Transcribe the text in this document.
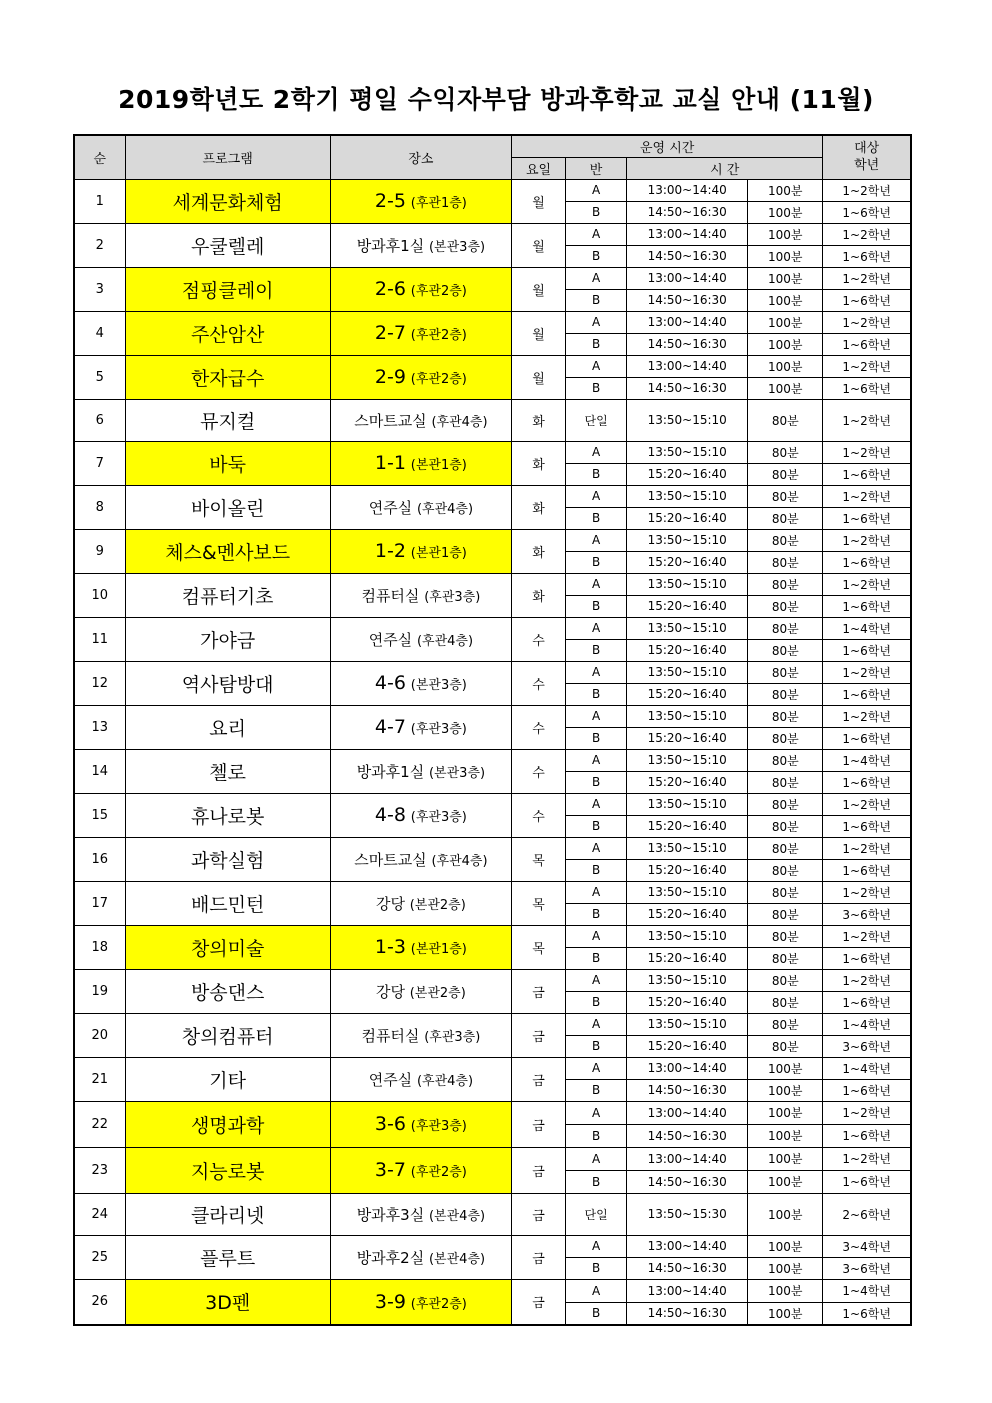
2019학년도 2학기 평일 수익자부담 방과후학교 교실 안내 (11월)
순	프로그램	장소	운영 시간				대상
학년
			요일	반	시 간		
1	세계문화체험	2-5 (후관1층)	월	A	13:00~14:40	100분	1~2학년
				B	14:50~16:30	100분	1~6학년
2	우쿨렐레	방과후1실 (본관3층)	월	A	13:00~14:40	100분	1~2학년
				B	14:50~16:30	100분	1~6학년
3	점핑클레이	2-6 (후관2층)	월	A	13:00~14:40	100분	1~2학년
				B	14:50~16:30	100분	1~6학년
4	주산암산	2-7 (후관2층)	월	A	13:00~14:40	100분	1~2학년
				B	14:50~16:30	100분	1~6학년
5	한자급수	2-9 (후관2층)	월	A	13:00~14:40	100분	1~2학년
				B	14:50~16:30	100분	1~6학년
6	뮤지컬	스마트교실 (후관4층)	화	단일	13:50~15:10	80분	1~2학년
7	바둑	1-1 (본관1층)	화	A	13:50~15:10	80분	1~2학년
				B	15:20~16:40	80분	1~6학년
8	바이올린	연주실 (후관4층)	화	A	13:50~15:10	80분	1~2학년
				B	15:20~16:40	80분	1~6학년
9	체스&멘사보드	1-2 (본관1층)	화	A	13:50~15:10	80분	1~2학년
				B	15:20~16:40	80분	1~6학년
10	컴퓨터기초	컴퓨터실 (후관3층)	화	A	13:50~15:10	80분	1~2학년
				B	15:20~16:40	80분	1~6학년
11	가야금	연주실 (후관4층)	수	A	13:50~15:10	80분	1~4학년
				B	15:20~16:40	80분	1~6학년
12	역사탐방대	4-6 (본관3층)	수	A	13:50~15:10	80분	1~2학년
				B	15:20~16:40	80분	1~6학년
13	요리	4-7 (후관3층)	수	A	13:50~15:10	80분	1~2학년
				B	15:20~16:40	80분	1~6학년
14	첼로	방과후1실 (본관3층)	수	A	13:50~15:10	80분	1~4학년
				B	15:20~16:40	80분	1~6학년
15	휴나로봇	4-8 (후관3층)	수	A	13:50~15:10	80분	1~2학년
				B	15:20~16:40	80분	1~6학년
16	과학실험	스마트교실 (후관4층)	목	A	13:50~15:10	80분	1~2학년
				B	15:20~16:40	80분	1~6학년
17	배드민턴	강당 (본관2층)	목	A	13:50~15:10	80분	1~2학년
				B	15:20~16:40	80분	3~6학년
18	창의미술	1-3 (본관1층)	목	A	13:50~15:10	80분	1~2학년
				B	15:20~16:40	80분	1~6학년
19	방송댄스	강당 (본관2층)	금	A	13:50~15:10	80분	1~2학년
				B	15:20~16:40	80분	1~6학년
20	창의컴퓨터	컴퓨터실 (후관3층)	금	A	13:50~15:10	80분	1~4학년
				B	15:20~16:40	80분	3~6학년
21	기타	연주실 (후관4층)	금	A	13:00~14:40	100분	1~4학년
				B	14:50~16:30	100분	1~6학년
22	생명과학	3-6 (후관3층)	금	A	13:00~14:40	100분	1~2학년
				B	14:50~16:30	100분	1~6학년
23	지능로봇	3-7 (후관2층)	금	A	13:00~14:40	100분	1~2학년
				B	14:50~16:30	100분	1~6학년
24	클라리넷	방과후3실 (본관4층)	금	단일	13:50~15:30	100분	2~6학년
25	플루트	방과후2실 (본관4층)	금	A	13:00~14:40	100분	3~4학년
				B	14:50~16:30	100분	3~6학년
26	3D펜	3-9 (후관2층)	금	A	13:00~14:40	100분	1~4학년
				B	14:50~16:30	100분	1~6학년
